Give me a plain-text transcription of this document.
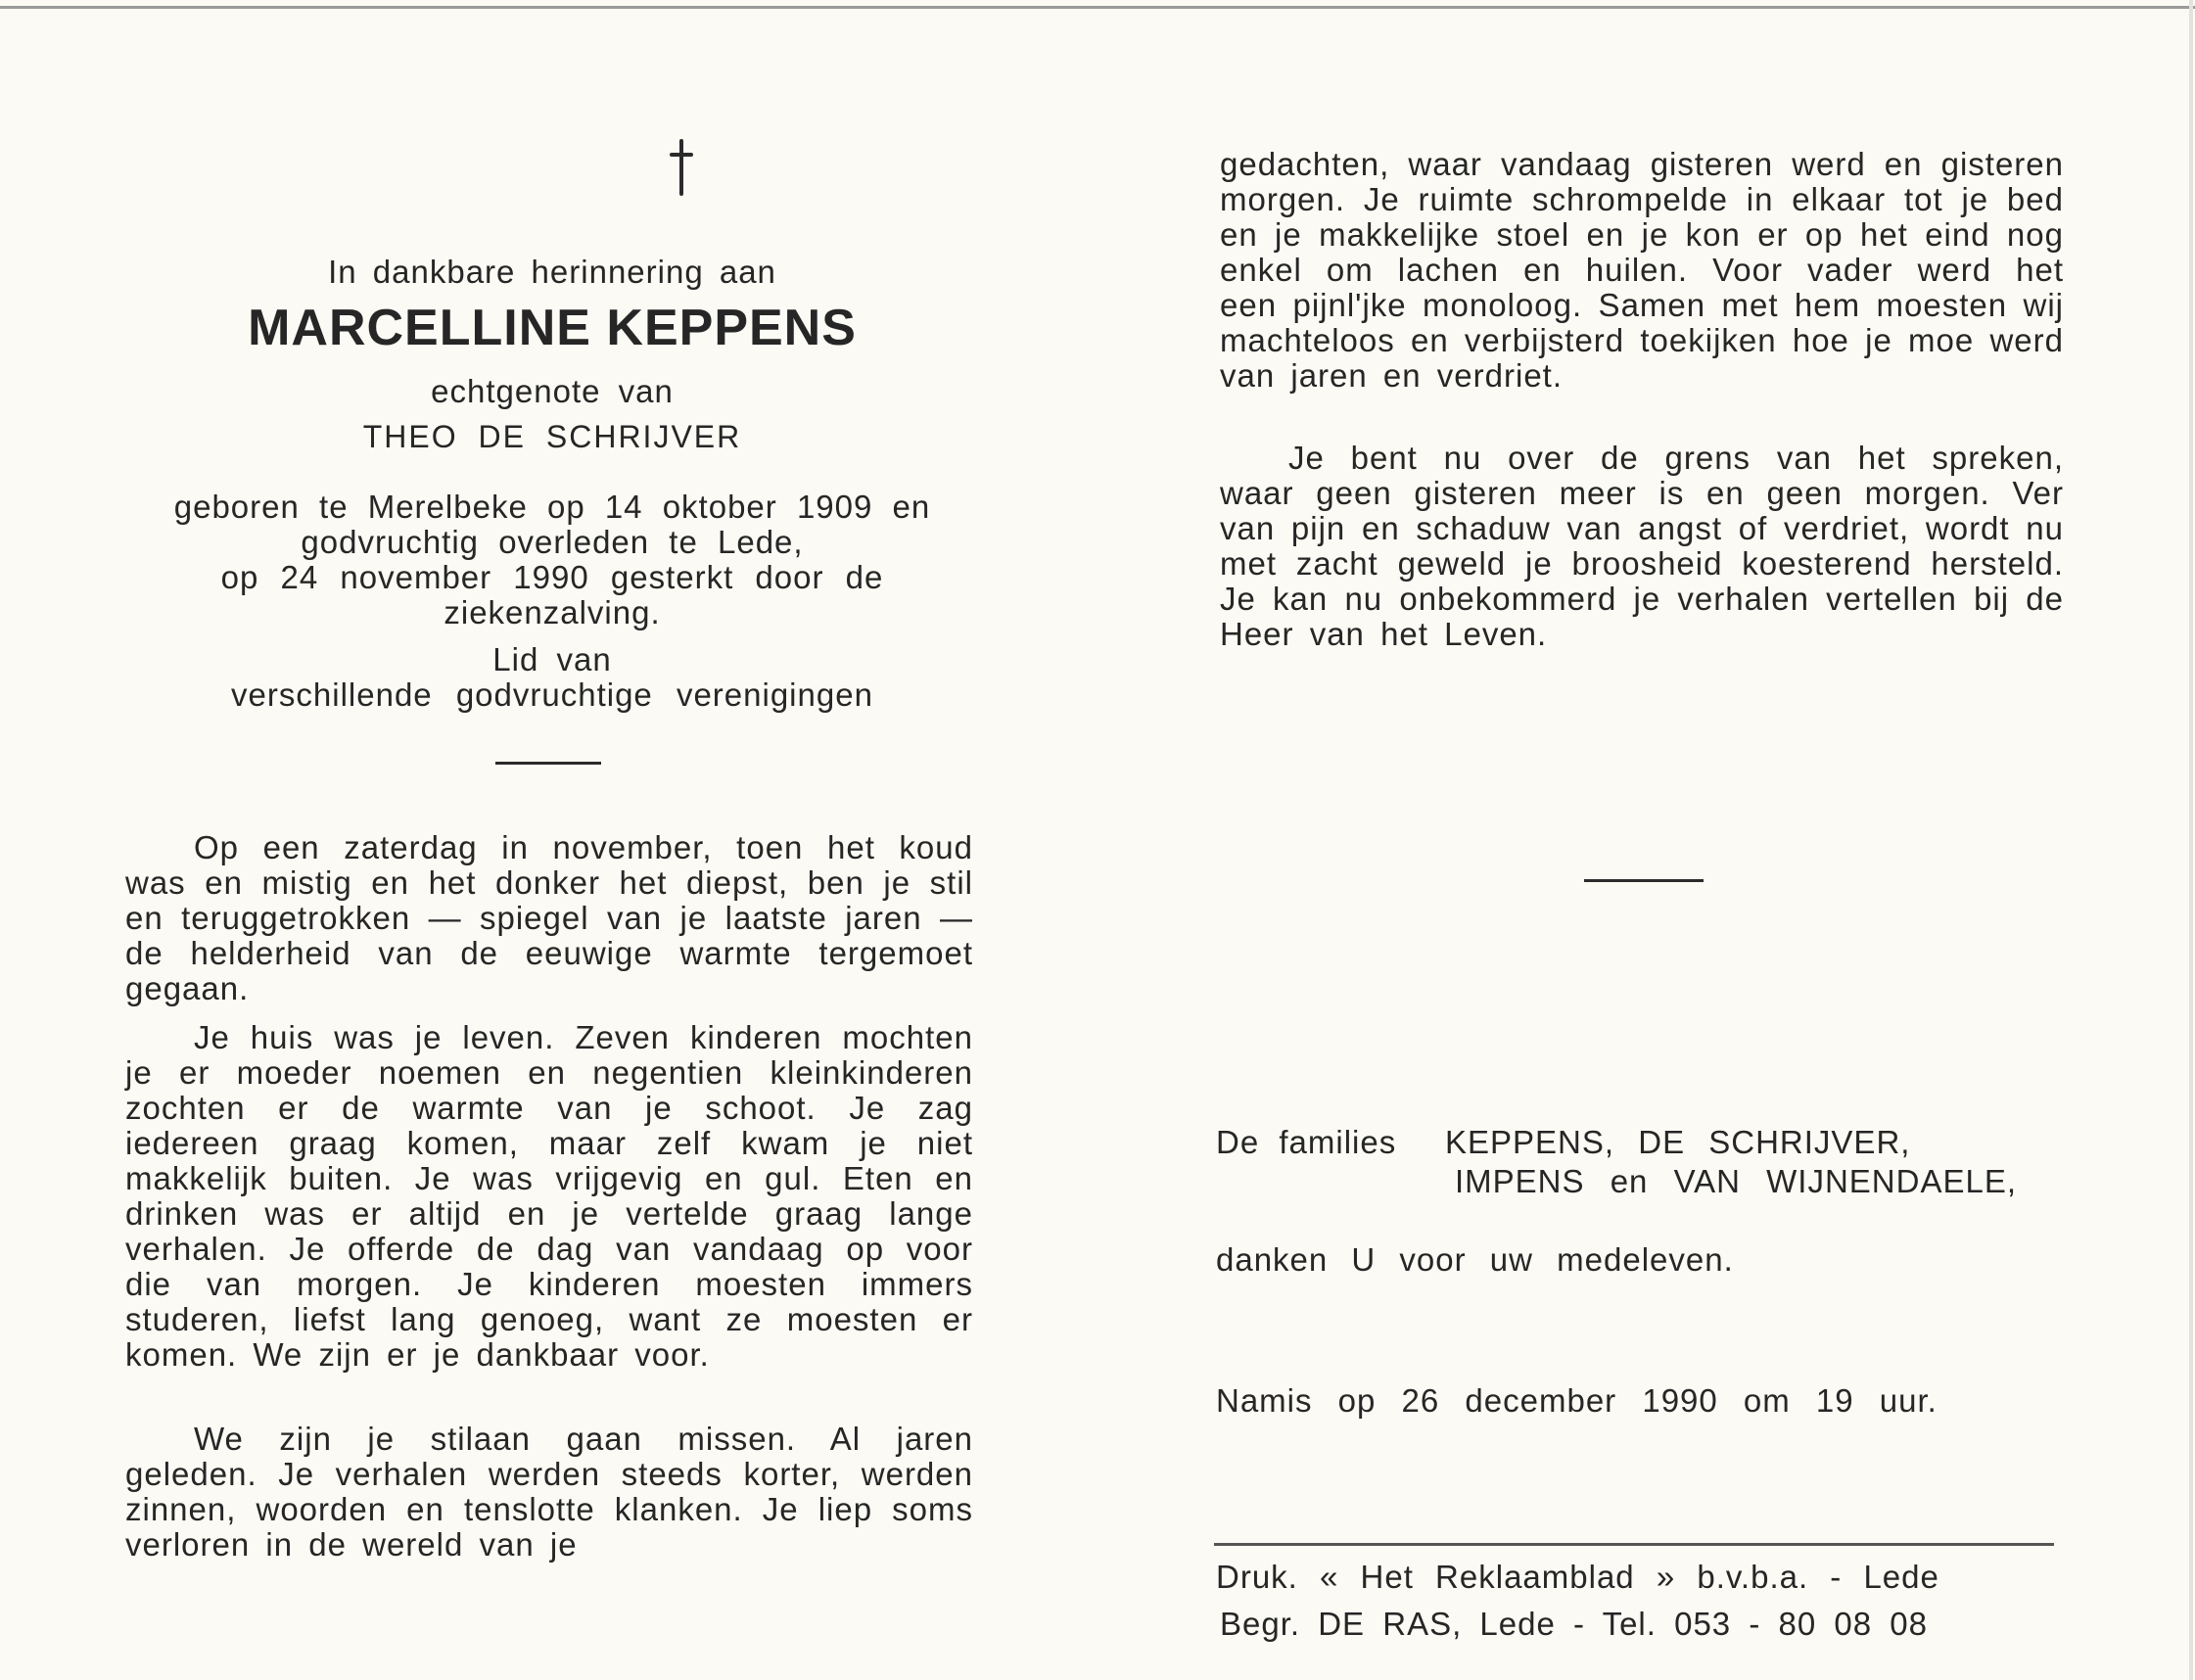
In dankbare herinnering aan
MARCELLINE KEPPENS
echtgenote van
THEO DE SCHRIJVER
geboren te Merelbeke op 14 oktober 1909 en
godvruchtig overleden te Lede,
op 24 november 1990 gesterkt door de
ziekenzalving.
Lid van
verschillende godvruchtige verenigingen

Op een zaterdag in november, toen het koud was en mistig en het donker het diepst, ben je stil en teruggetrokken — spiegel van je laatste jaren — de helderheid van de eeuwige warmte tergemoet gegaan.

Je huis was je leven. Zeven kinderen mochten je er moeder noemen en negentien kleinkinderen zochten er de warmte van je schoot. Je zag iedereen graag komen, maar zelf kwam je niet makkelijk buiten. Je was vrijgevig en gul. Eten en drinken was er altijd en je vertelde graag lange verhalen. Je offerde de dag van vandaag op voor die van morgen. Je kinderen moesten immers studeren, liefst lang genoeg, want ze moesten er komen. We zijn er je dankbaar voor.

We zijn je stilaan gaan missen. Al jaren geleden. Je verhalen werden steeds korter, werden zinnen, woorden en tenslotte klanken. Je liep soms verloren in de wereld van je

gedachten, waar vandaag gisteren werd en gisteren morgen. Je ruimte schrompelde in elkaar tot je bed en je makkelijke stoel en je kon er op het eind nog enkel om lachen en huilen. Voor vader werd het een pijnl'jke monoloog. Samen met hem moesten wij machteloos en verbijsterd toekijken hoe je moe werd van jaren en verdriet.

Je bent nu over de grens van het spreken, waar geen gisteren meer is en geen morgen. Ver van pijn en schaduw van angst of verdriet, wordt nu met zacht geweld je broosheid koesterend hersteld. Je kan nu onbekommerd je verhalen vertellen bij de Heer van het Leven.

De families KEPPENS, DE SCHRIJVER,
IMPENS en VAN WIJNENDAELE,
danken U voor uw medeleven.
Namis op 26 december 1990 om 19 uur.
Druk. « Het Reklaamblad » b.v.b.a. - Lede
Begr. DE RAS, Lede - Tel. 053 - 80 08 08
